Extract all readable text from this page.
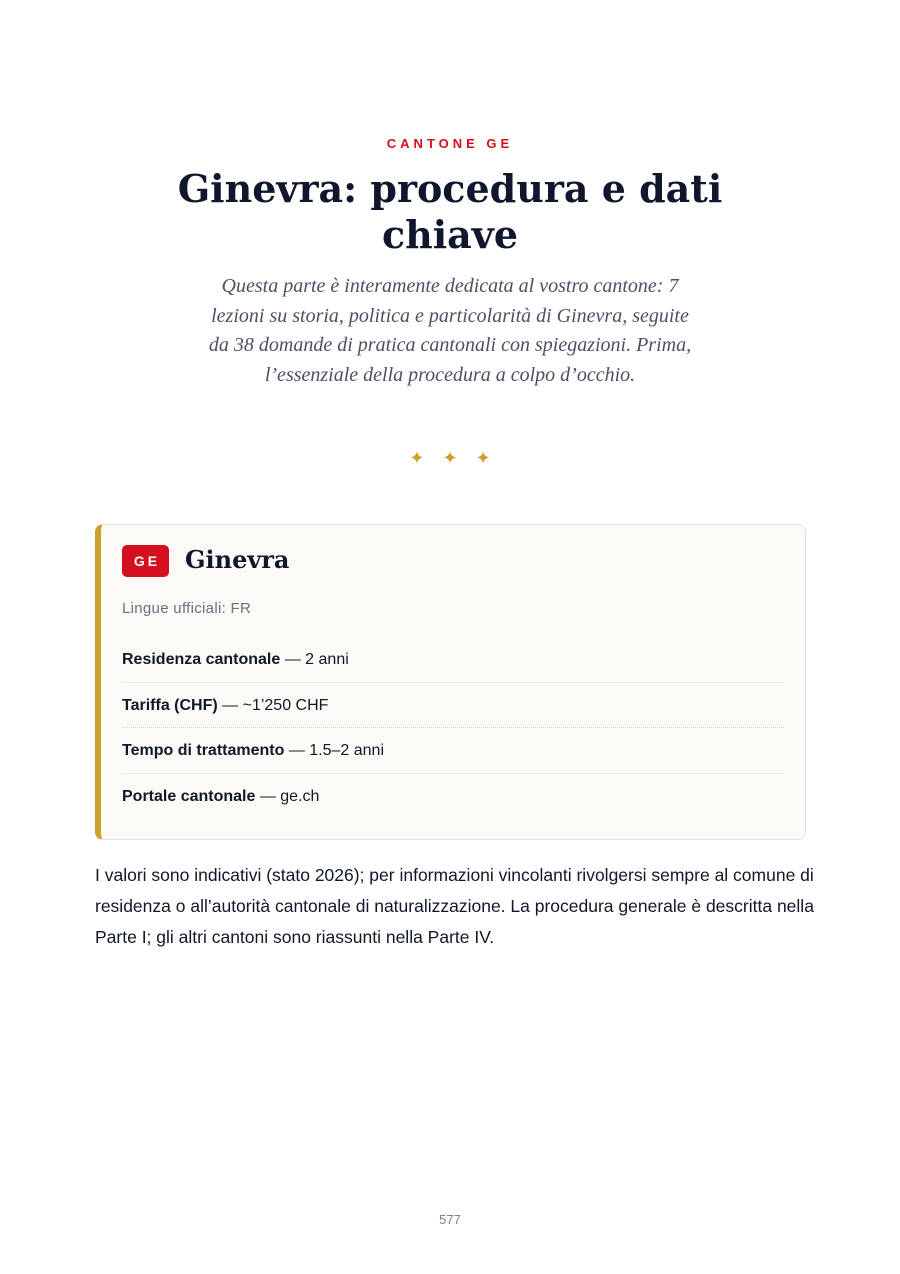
CANTONE GE
Ginevra: procedura e dati chiave

Questa parte è interamente dedicata al vostro cantone: 7 lezioni su storia, politica e particolarità di Ginevra, seguite da 38 domande di pratica cantonali con spiegazioni. Prima, l’essenziale della procedura a colpo d’occhio.

✦✦✦
GE	Ginevra
Lingue ufficiali: FR
Residenza cantonale — 2 anni
Tariffa (CHF) — ~1’250 CHF
Tempo di trattamento — 1.5–2 anni
Portale cantonale — ge.ch

I valori sono indicativi (stato 2026); per informazioni vincolanti rivolgersi sempre al comune di residenza o all’autorità cantonale di naturalizzazione. La procedura generale è descritta nella Parte I; gli altri cantoni sono riassunti nella Parte IV.

577
